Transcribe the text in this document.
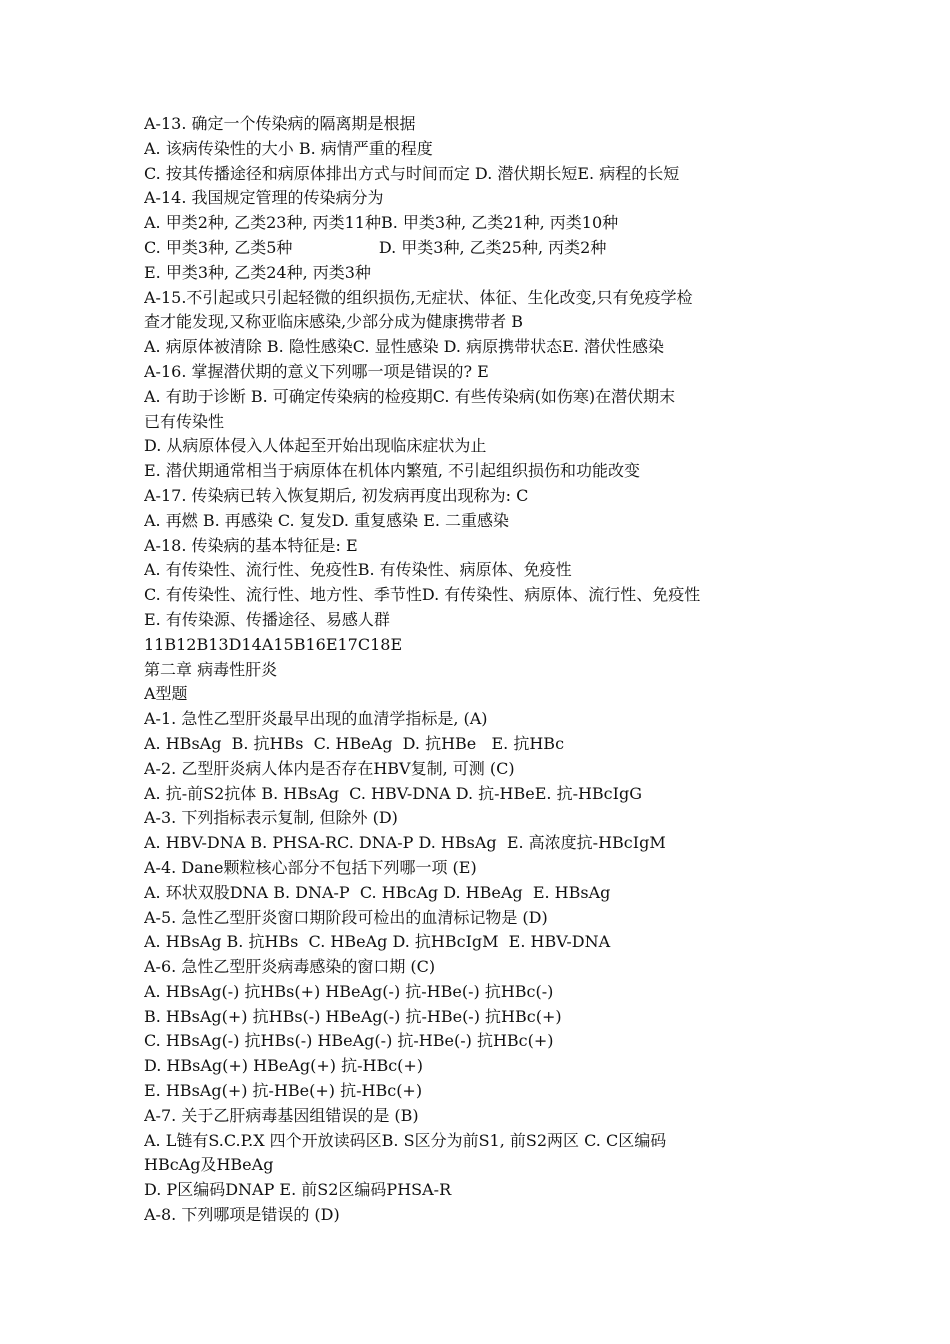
A-13. 确定一个传染病的隔离期是根据
A. 该病传染性的大小 B. 病情严重的程度
C. 按其传播途径和病原体排出方式与时间而定 D. 潜伏期长短E. 病程的长短
A-14. 我国规定管理的传染病分为
A. 甲类2种, 乙类23种, 丙类11种B. 甲类3种, 乙类21种, 丙类10种
C. 甲类3种, 乙类5种                 D. 甲类3种, 乙类25种, 丙类2种
E. 甲类3种, 乙类24种, 丙类3种
A-15.不引起或只引起轻微的组织损伤,无症状、体征、生化改变,只有免疫学检
查才能发现,又称亚临床感染,少部分成为健康携带者 B
A. 病原体被清除 B. 隐性感染C. 显性感染 D. 病原携带状态E. 潜伏性感染
A-16. 掌握潜伏期的意义下列哪一项是错误的? E
A. 有助于诊断 B. 可确定传染病的检疫期C. 有些传染病(如伤寒)在潜伏期末
已有传染性
D. 从病原体侵入人体起至开始出现临床症状为止
E. 潜伏期通常相当于病原体在机体内繁殖, 不引起组织损伤和功能改变
A-17. 传染病已转入恢复期后, 初发病再度出现称为: C
A. 再燃 B. 再感染 C. 复发D. 重复感染 E. 二重感染
A-18. 传染病的基本特征是: E
A. 有传染性、流行性、免疫性B. 有传染性、病原体、免疫性
C. 有传染性、流行性、地方性、季节性D. 有传染性、病原体、流行性、免疫性
E. 有传染源、传播途径、易感人群
11B12B13D14A15B16E17C18E
第二章 病毒性肝炎
A型题
A-1. 急性乙型肝炎最早出现的血清学指标是, (A)
A. HBsAg  B. 抗HBs  C. HBeAg  D. 抗HBe   E. 抗HBc
A-2. 乙型肝炎病人体内是否存在HBV复制, 可测 (C)
A. 抗-前S2抗体 B. HBsAg  C. HBV-DNA D. 抗-HBeE. 抗-HBcIgG
A-3. 下列指标表示复制, 但除外 (D)
A. HBV-DNA B. PHSA-RC. DNA-P D. HBsAg  E. 高浓度抗-HBcIgM
A-4. Dane颗粒核心部分不包括下列哪一项 (E)
A. 环状双股DNA B. DNA-P  C. HBcAg D. HBeAg  E. HBsAg
A-5. 急性乙型肝炎窗口期阶段可检出的血清标记物是 (D)
A. HBsAg B. 抗HBs  C. HBeAg D. 抗HBcIgM  E. HBV-DNA
A-6. 急性乙型肝炎病毒感染的窗口期 (C)
A. HBsAg(-) 抗HBs(+) HBeAg(-) 抗-HBe(-) 抗HBc(-)
B. HBsAg(+) 抗HBs(-) HBeAg(-) 抗-HBe(-) 抗HBc(+)
C. HBsAg(-) 抗HBs(-) HBeAg(-) 抗-HBe(-) 抗HBc(+)
D. HBsAg(+) HBeAg(+) 抗-HBc(+)
E. HBsAg(+) 抗-HBe(+) 抗-HBc(+)
A-7. 关于乙肝病毒基因组错误的是 (B)
A. L链有S.C.P.X 四个开放读码区B. S区分为前S1, 前S2两区 C. C区编码
HBcAg及HBeAg
D. P区编码DNAP E. 前S2区编码PHSA-R
A-8. 下列哪项是错误的 (D)
